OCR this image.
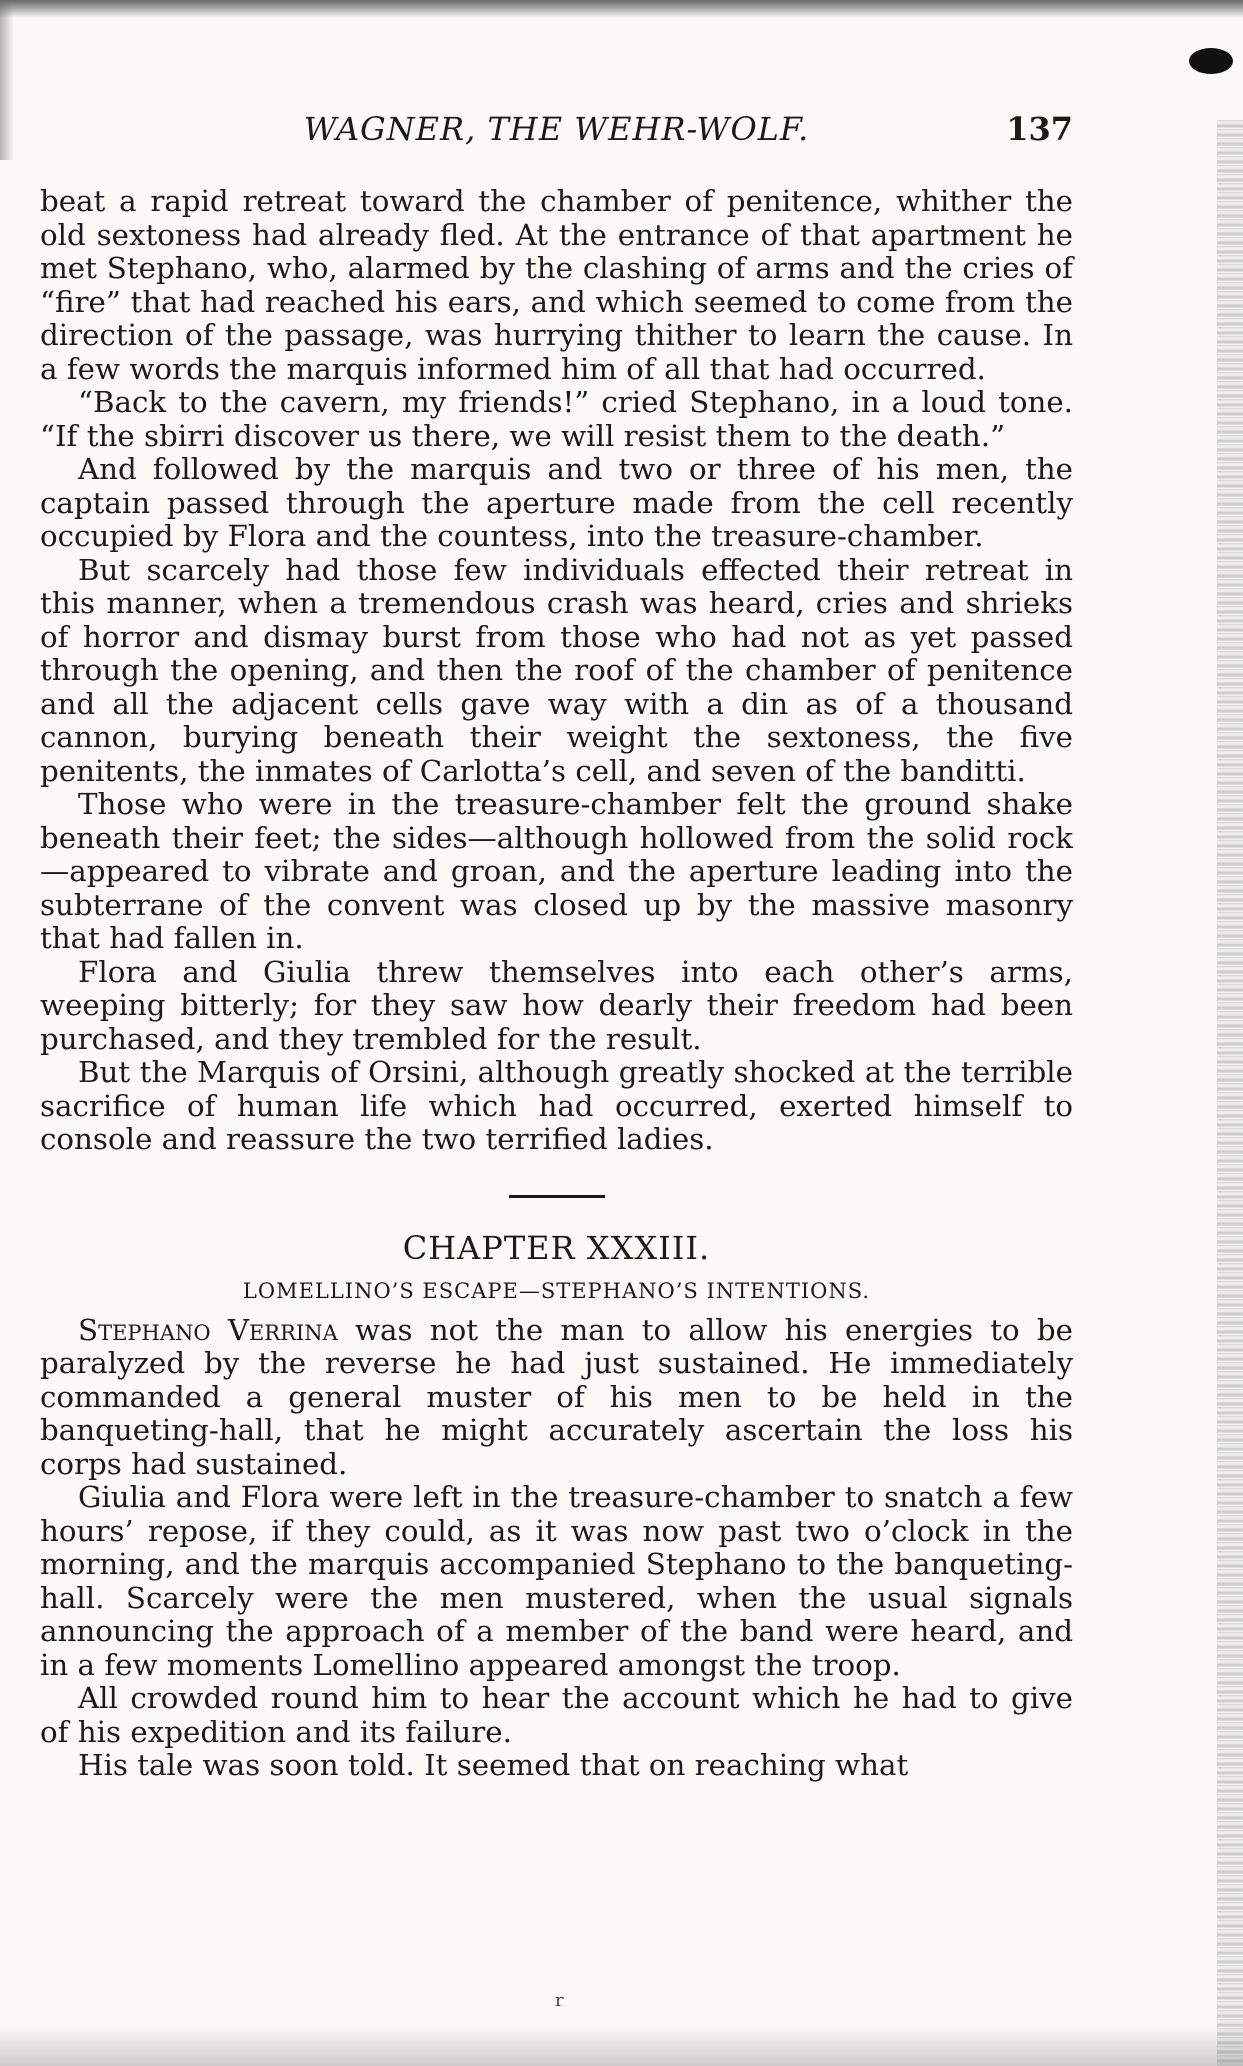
WAGNER, THE WEHR-WOLF.	137

beat a rapid retreat toward the chamber of penitence, whither the old sextoness had already fled. At the entrance of that apartment he met Stephano, who, alarmed by the clashing of arms and the cries of “fire” that had reached his ears, and which seemed to come from the direction of the passage, was hurrying thither to learn the cause. In a few words the marquis informed him of all that had occurred.

“Back to the cavern, my friends!” cried Stephano, in a loud tone. “If the sbirri discover us there, we will resist them to the death.”

And followed by the marquis and two or three of his men, the captain passed through the aperture made from the cell recently occupied by Flora and the countess, into the treasure-chamber.

But scarcely had those few individuals effected their retreat in this manner, when a tremendous crash was heard, cries and shrieks of horror and dismay burst from those who had not as yet passed through the opening, and then the roof of the chamber of penitence and all the adjacent cells gave way with a din as of a thousand cannon, burying beneath their weight the sextoness, the five penitents, the inmates of Carlotta’s cell, and seven of the banditti.

Those who were in the treasure-chamber felt the ground shake beneath their feet; the sides—although hollowed from the solid rock—appeared to vibrate and groan, and the aperture leading into the subterrane of the convent was closed up by the massive masonry that had fallen in.

Flora and Giulia threw themselves into each other’s arms, weeping bitterly; for they saw how dearly their freedom had been purchased, and they trembled for the result.

But the Marquis of Orsini, although greatly shocked at the terrible sacrifice of human life which had occurred, exerted himself to console and reassure the two terrified ladies.

CHAPTER XXXIII.
LOMELLINO’S ESCAPE—STEPHANO’S INTENTIONS.

Stephano Verrina was not the man to allow his energies to be paralyzed by the reverse he had just sustained. He immediately commanded a general muster of his men to be held in the banqueting-hall, that he might accurately ascertain the loss his corps had sustained.

Giulia and Flora were left in the treasure-chamber to snatch a few hours’ repose, if they could, as it was now past two o’clock in the morning, and the marquis accompanied Stephano to the banqueting-hall. Scarcely were the men mustered, when the usual signals announcing the approach of a member of the band were heard, and in a few moments Lomellino appeared amongst the troop.

All crowded round him to hear the account which he had to give of his expedition and its failure.

His tale was soon told. It seemed that on reaching what

r
